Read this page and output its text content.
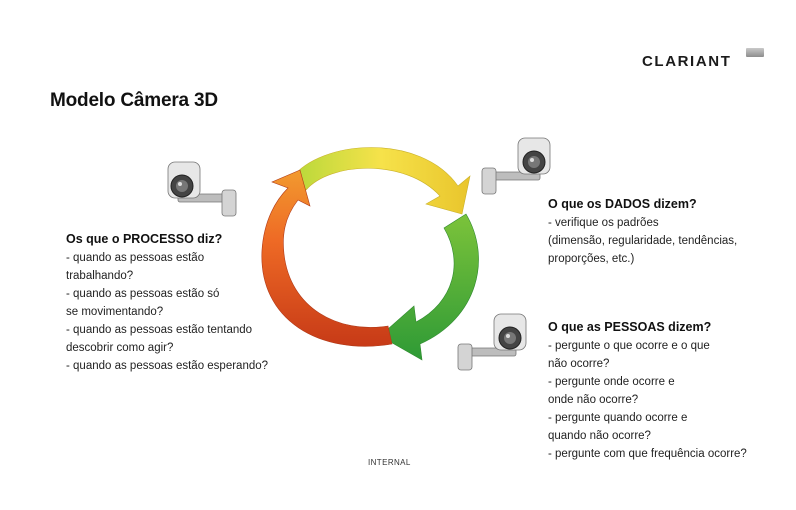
Modelo Câmera 3D
CLARIANT
Os que o PROCESSO diz?
- quando as pessoas estão
trabalhando?
- quando as pessoas estão só
se movimentando?
- quando as pessoas estão tentando
descobrir como agir?
- quando as pessoas estão esperando?
O que os DADOS dizem?
- verifique os padrões
(dimensão, regularidade, tendências,
proporções, etc.)
O que as PESSOAS dizem?
- pergunte o que ocorre e o que
não ocorre?
- pergunte onde ocorre e
onde não ocorre?
- pergunte quando ocorre e
quando não ocorre?
- pergunte com que frequência ocorre?
INTERNAL
